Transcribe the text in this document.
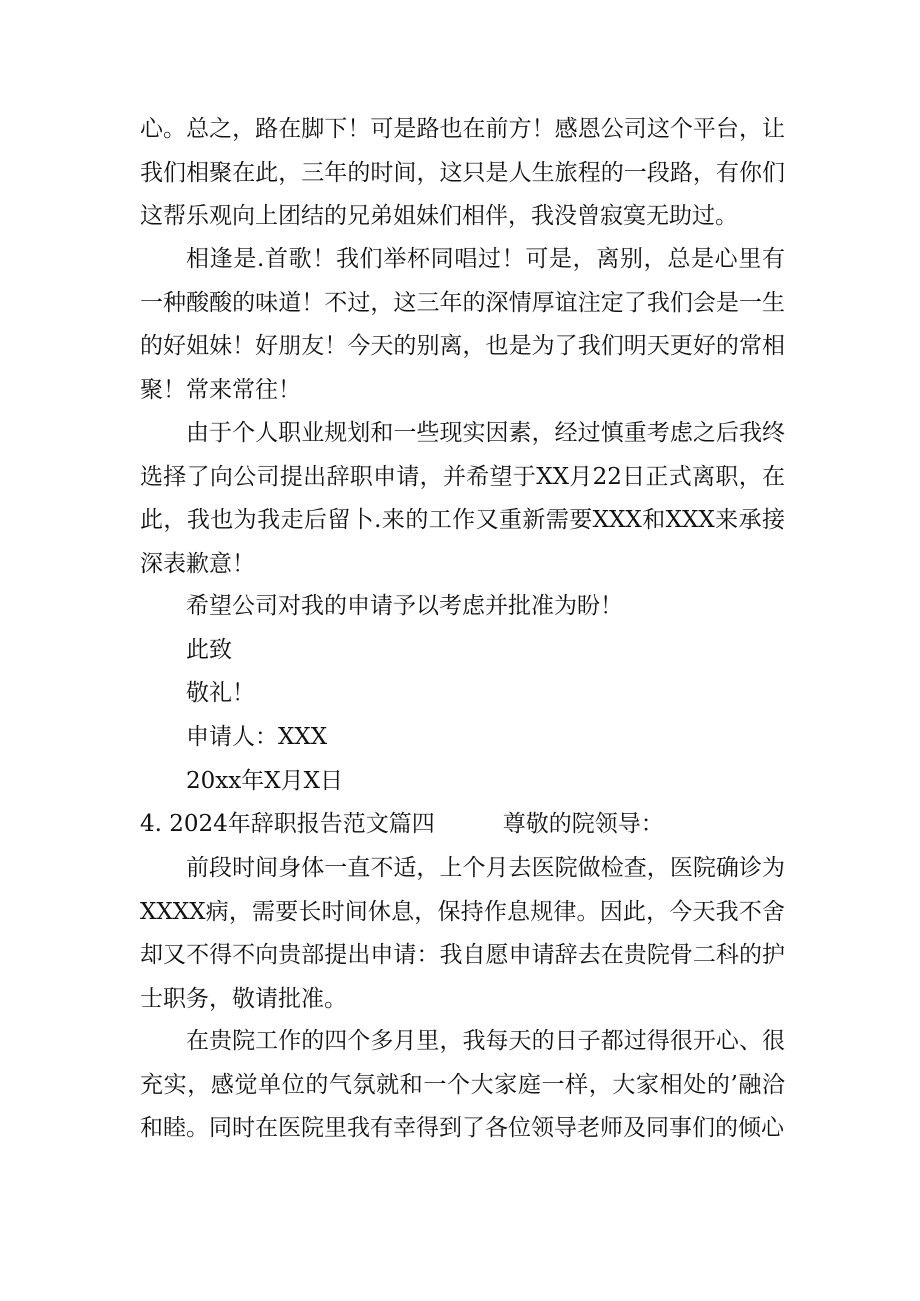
心。总之，路在脚下！可是路也在前方！感恩公司这个平台，让我们相聚在此，三年的时间，这只是人生旅程的一段路，有你们这帮乐观向上团结的兄弟姐妹们相伴，我没曾寂寞无助过。

相逢是.首歌！我们举杯同唱过！可是，离别，总是心里有一种酸酸的味道！不过，这三年的深情厚谊注定了我们会是一生的好姐妹！好朋友！今天的别离，也是为了我们明天更好的常相聚！常来常往！

由于个人职业规划和一些现实因素，经过慎重考虑之后我终选择了向公司提出辞职申请，并希望于XX月22日正式离职，在此，我也为我走后留卜.来的工作又重新需要XXX和XXX来承接深表歉意！

希望公司对我的申请予以考虑并批准为盼！
此致
敬礼！
申请人：XXX
20xx年X月X日
4. 2024年辞职报告范文篇四	尊敬的院领导：

前段时间身体一直不适，上个月去医院做检查，医院确诊为XXXX病，需要长时间休息，保持作息规律。因此，今天我不舍却又不得不向贵部提出申请：我自愿申请辞去在贵院骨二科的护士职务，敬请批准。

在贵院工作的四个多月里，我每天的日子都过得很开心、很充实，感觉单位的气氛就和一个大家庭一样，大家相处的’融洽和睦。同时在医院里我有幸得到了各位领导老师及同事们的倾心
